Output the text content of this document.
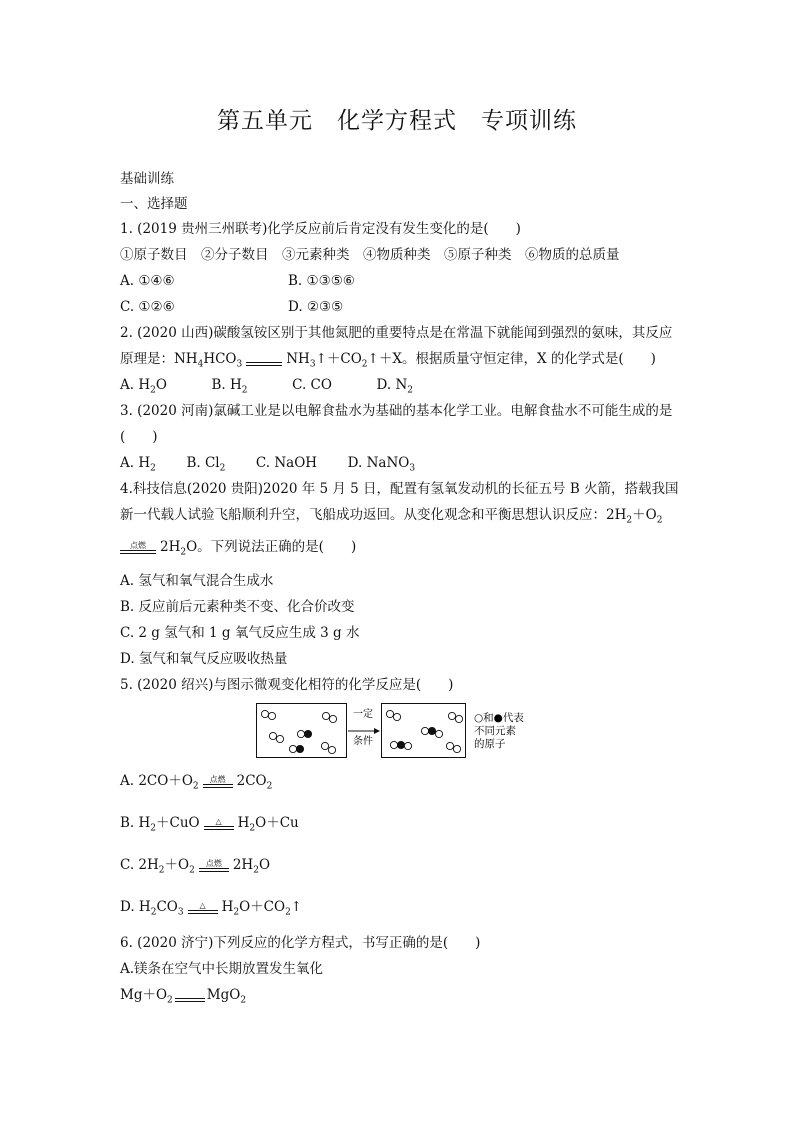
第五单元　化学方程式　专项训练
基础训练
一、选择题
1. (2019 贵州三州联考)化学反应前后肯定没有发生变化的是(　　)
①原子数目　②分子数目　③元素种类　④物质种类　⑤原子种类　⑥物质的总质量
A. ①④⑥	B. ①③⑤⑥
C. ①②⑥	D. ②③⑤
2. (2020 山西)碳酸氢铵区别于其他氮肥的重要特点是在常温下就能闻到强烈的氨味，其反应
原理是：$NH_4HCO_3$	$NH_3↑+CO_2↑+X$。根据质量守恒定律，X 的化学式是(　　)
A. $H_2O$	B. $H_2$	C. CO	D. $N_2$
3. (2020 河南)氯碱工业是以电解食盐水为基础的基本化学工业。电解食盐水不可能生成的是
(　　)
A. $H_2$ B. $Cl_2$ C. NaOH D. NaNO$_3$
4.科技信息(2020 贵阳)2020 年 5 月 5 日，配置有氢氧发动机的长征五号 B 火箭，搭载我国
新一代载人试验飞船顺利升空，飞船成功返回。从变化观念和平衡思想认识反应：$2H_2+O_2$
点燃	$2H_2O$。下列说法正确的是(　　)
A. 氢气和氧气混合生成水
B. 反应前后元素种类不变、化合价改变
C. 2 g 氢气和 1 g 氧气反应生成 3 g 水
D. 氢气和氧气反应吸收热量
5. (2020 绍兴)与图示微观变化相符的化学反应是(　　)
一定
条件
○和●代表
不同元素
的原子
A. $2CO+O_2$
点燃 $2CO_2$
B. $H_2+CuO$	△	$H_2O+Cu$
C. $2H_2+O_2$
点燃 $2H_2O$
D. $H_2CO_3$
△	$H_2O+CO_2↑$
6. (2020 济宁)下列反应的化学方程式，书写正确的是(　　)
A.镁条在空气中长期放置发生氧化
$Mg+O_2$	MgO$_2$
